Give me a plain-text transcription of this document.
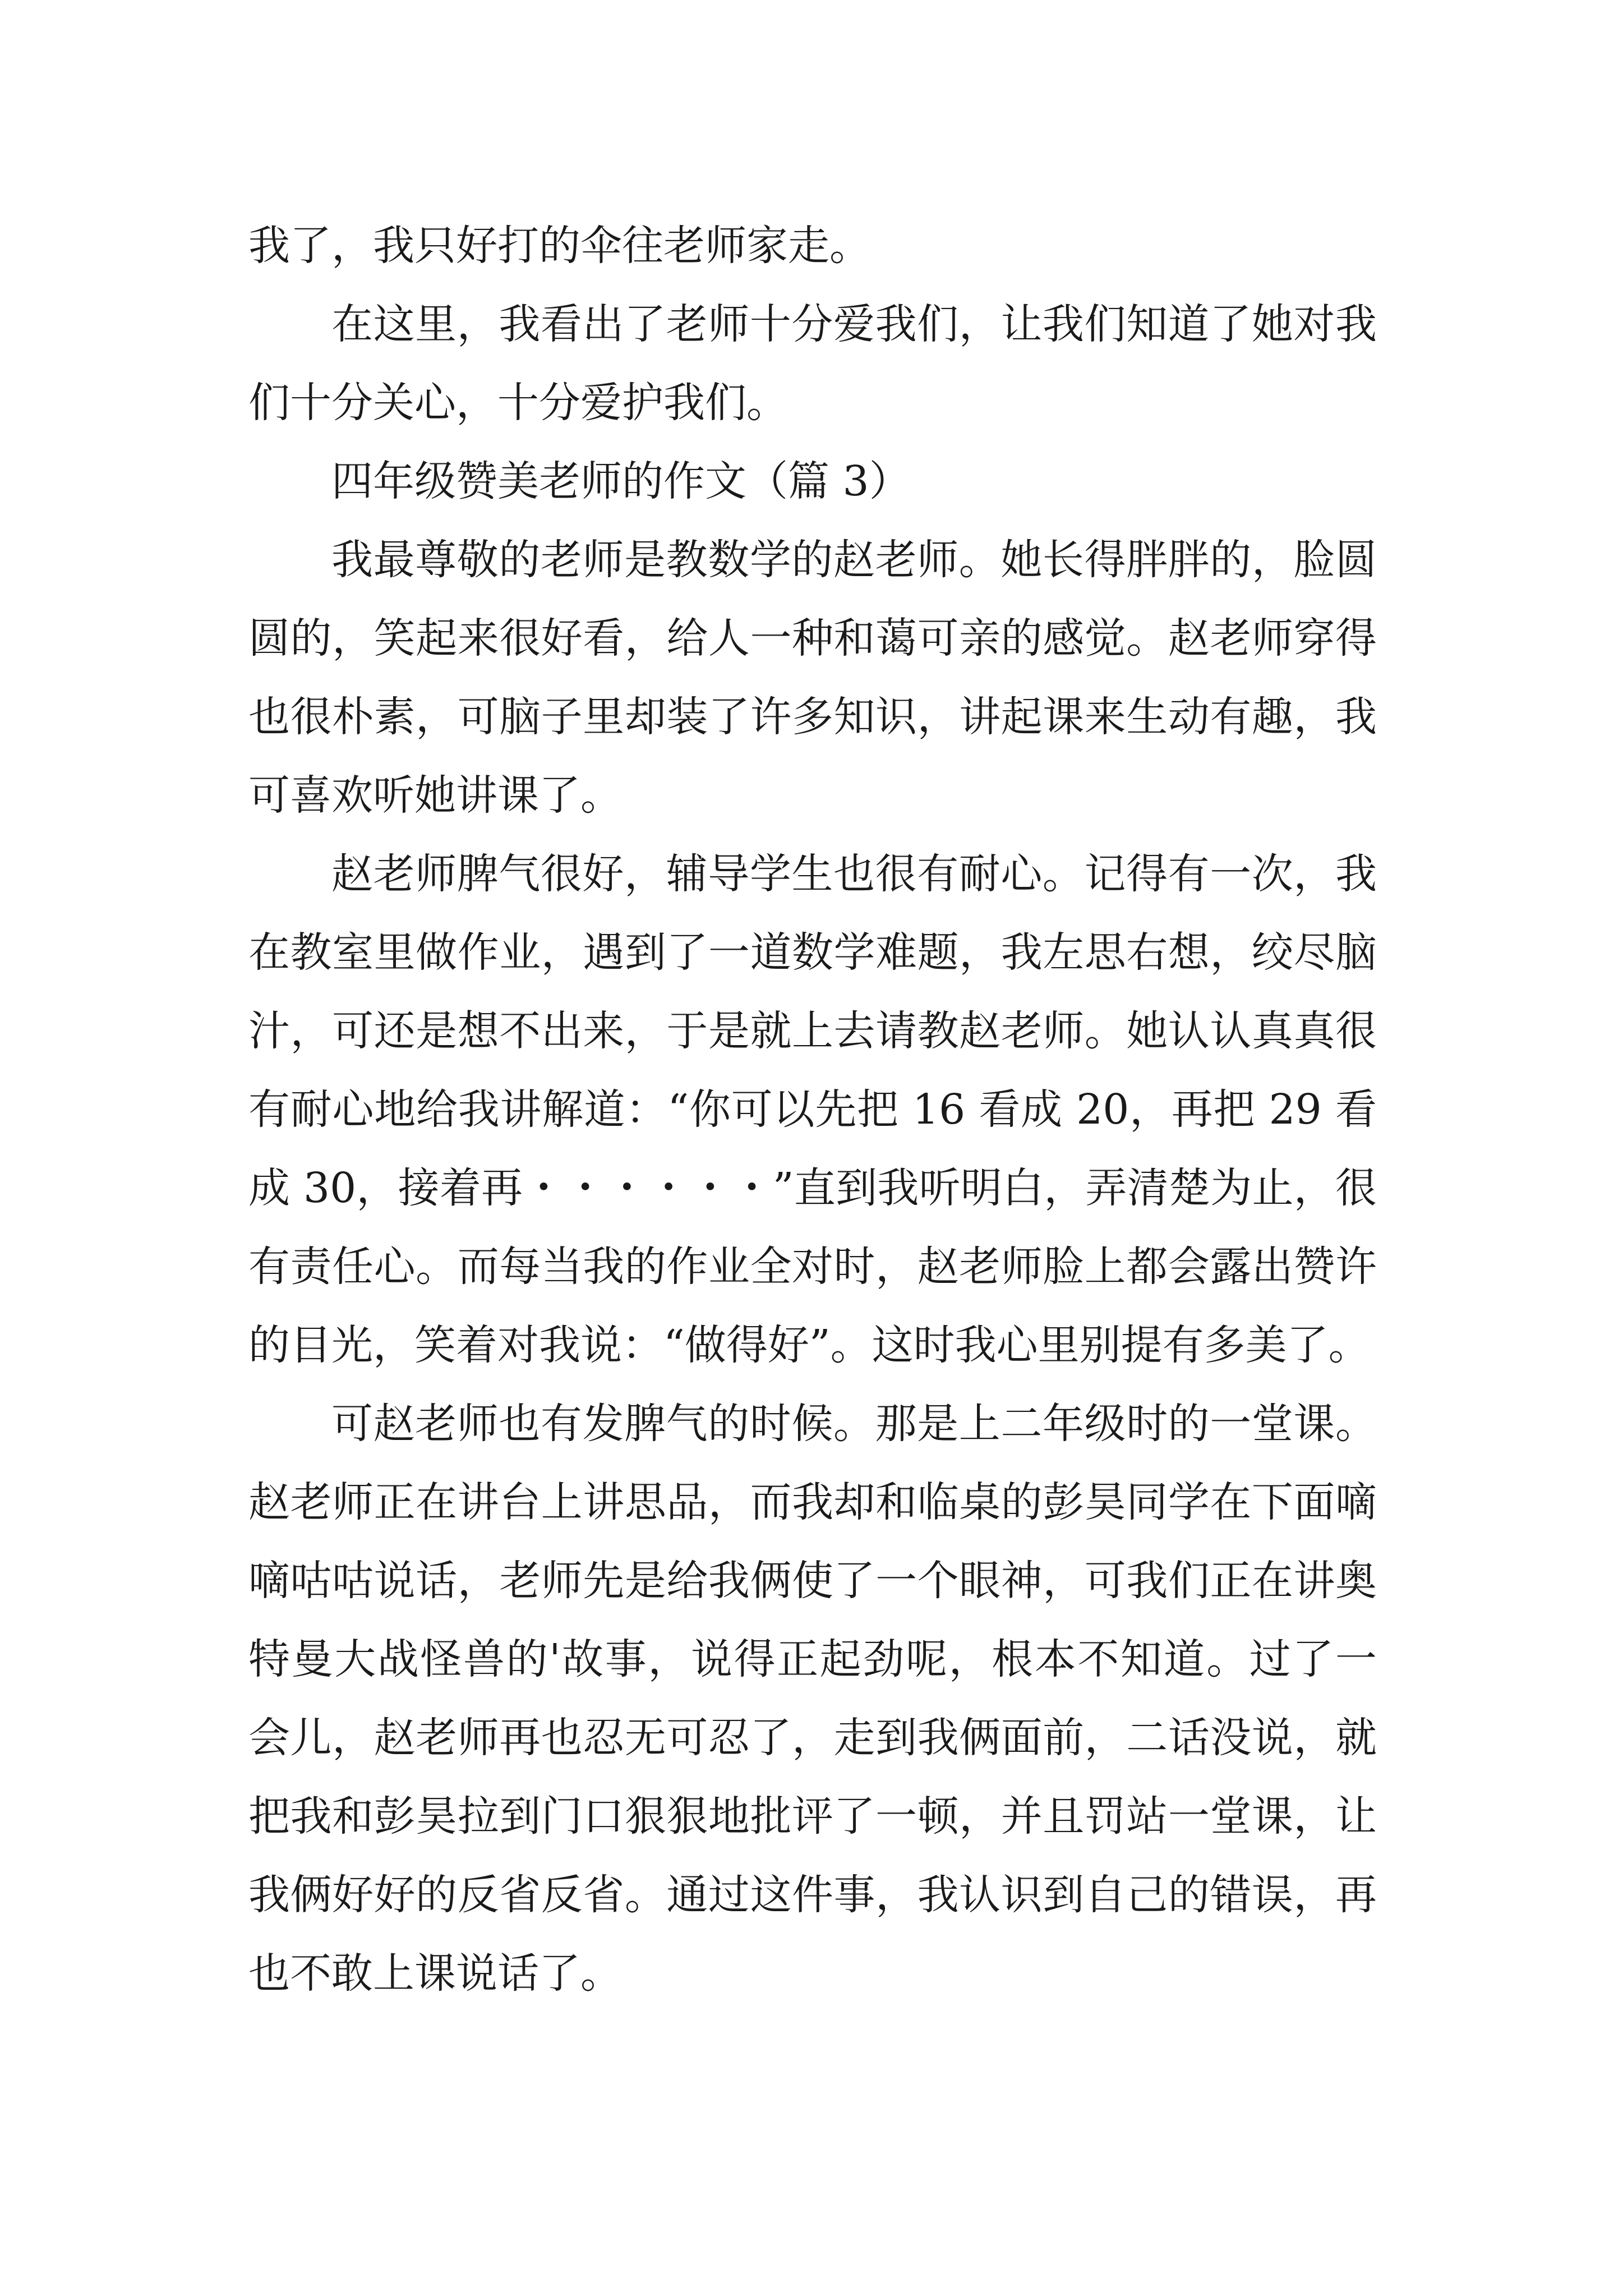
我了，我只好打的伞往老师家走。

在这里，我看出了老师十分爱我们，让我们知道了她对我们十分关心，十分爱护我们。

四年级赞美老师的作文（篇 3）

我最尊敬的老师是教数学的赵老师。她长得胖胖的，脸圆圆的，笑起来很好看，给人一种和蔼可亲的感觉。赵老师穿得也很朴素，可脑子里却装了许多知识，讲起课来生动有趣，我可喜欢听她讲课了。

赵老师脾气很好，辅导学生也很有耐心。记得有一次，我在教室里做作业，遇到了一道数学难题，我左思右想，绞尽脑汁，可还是想不出来，于是就上去请教赵老师。她认认真真很有耐心地给我讲解道：“你可以先把 16 看成 20，再把 29 看成 30，接着再・・・・・・”直到我听明白，弄清楚为止，很有责任心。而每当我的作业全对时，赵老师脸上都会露出赞许的目光，笑着对我说：“做得好”。这时我心里别提有多美了。

可赵老师也有发脾气的时候。那是上二年级时的一堂课。赵老师正在讲台上讲思品，而我却和临桌的彭昊同学在下面嘀嘀咕咕说话，老师先是给我俩使了一个眼神，可我们正在讲奥特曼大战怪兽的'故事，说得正起劲呢，根本不知道。过了一会儿，赵老师再也忍无可忍了，走到我俩面前，二话没说，就把我和彭昊拉到门口狠狠地批评了一顿，并且罚站一堂课，让我俩好好的反省反省。通过这件事，我认识到自己的错误，再也不敢上课说话了。
